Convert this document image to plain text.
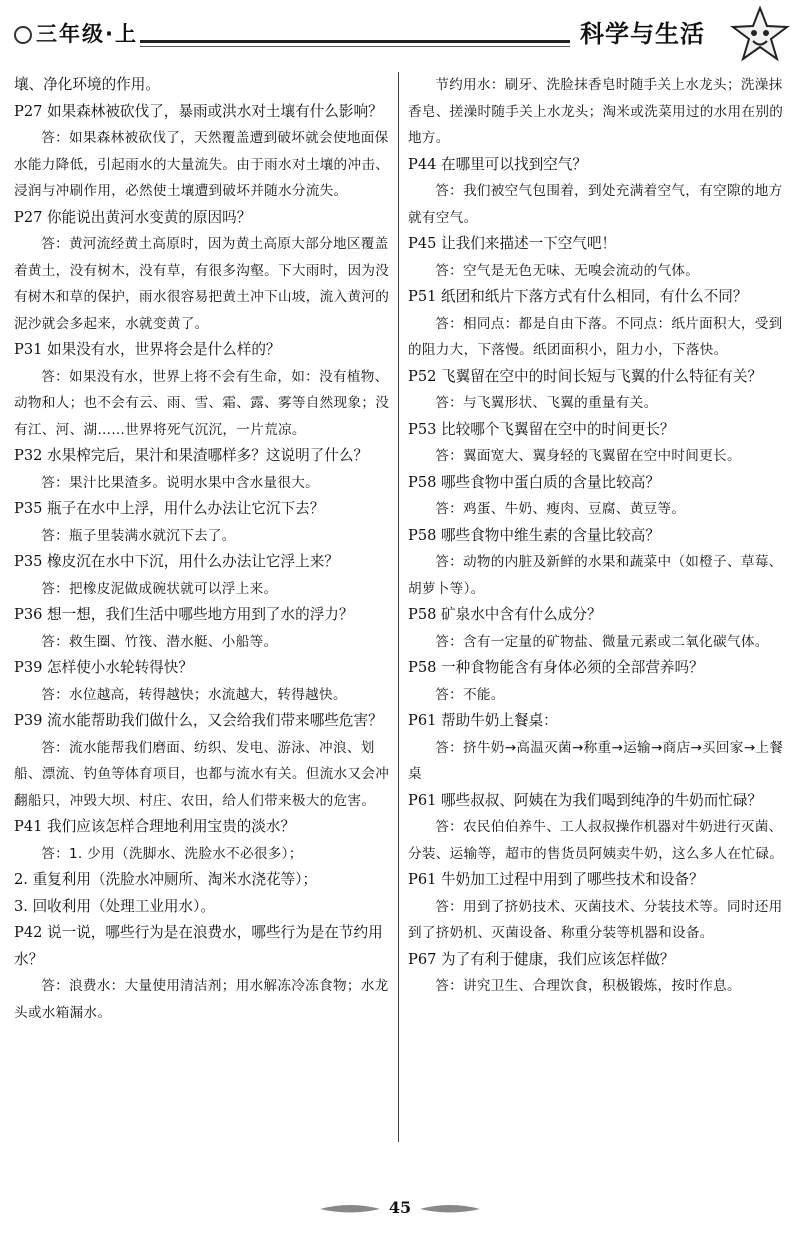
三年级·上	科学与生活
壤、净化环境的作用。
P27 如果森林被砍伐了，暴雨或洪水对土壤有什么影响？
答：如果森林被砍伐了，天然覆盖遭到破坏就会使地面保水能力降低，引起雨水的大量流失。由于雨水对土壤的冲击、浸润与冲刷作用，必然使土壤遭到破坏并随水分流失。
P27 你能说出黄河水变黄的原因吗？
答：黄河流经黄土高原时，因为黄土高原大部分地区覆盖着黄土，没有树木，没有草，有很多沟壑。下大雨时，因为没有树木和草的保护，雨水很容易把黄土冲下山坡，流入黄河的泥沙就会多起来，水就变黄了。
P31 如果没有水，世界将会是什么样的？
答：如果没有水，世界上将不会有生命，如：没有植物、动物和人；也不会有云、雨、雪、霜、露、雾等自然现象；没有江、河、湖……世界将死气沉沉，一片荒凉。
P32 水果榨完后，果汁和果渣哪样多？这说明了什么？
答：果汁比果渣多。说明水果中含水量很大。
P35 瓶子在水中上浮，用什么办法让它沉下去？
答：瓶子里装满水就沉下去了。
P35 橡皮沉在水中下沉，用什么办法让它浮上来？
答：把橡皮泥做成碗状就可以浮上来。
P36 想一想，我们生活中哪些地方用到了水的浮力？
答：救生圈、竹筏、潜水艇、小船等。
P39 怎样使小水轮转得快？
答：水位越高，转得越快；水流越大，转得越快。
P39 流水能帮助我们做什么，又会给我们带来哪些危害？
答：流水能帮我们磨面、纺织、发电、游泳、冲浪、划船、漂流、钓鱼等体育项目，也都与流水有关。但流水又会冲翻船只，冲毁大坝、村庄、农田，给人们带来极大的危害。
P41 我们应该怎样合理地利用宝贵的淡水？
答：1. 少用（洗脚水、洗脸水不必很多）；
2. 重复利用（洗脸水冲厕所、淘米水浇花等）；
3. 回收利用（处理工业用水）。
P42 说一说，哪些行为是在浪费水，哪些行为是在节约用水？
答：浪费水：大量使用清洁剂；用水解冻冷冻食物；水龙头或水箱漏水。
节约用水：刷牙、洗脸抹香皂时随手关上水龙头；洗澡抹香皂、搓澡时随手关上水龙头；淘米或洗菜用过的水用在别的地方。
P44 在哪里可以找到空气？
答：我们被空气包围着，到处充满着空气，有空隙的地方就有空气。
P45 让我们来描述一下空气吧！
答：空气是无色无味、无嗅会流动的气体。
P51 纸团和纸片下落方式有什么相同，有什么不同？
答：相同点：都是自由下落。不同点：纸片面积大，受到的阻力大，下落慢。纸团面积小，阻力小，下落快。
P52 飞翼留在空中的时间长短与飞翼的什么特征有关？
答：与飞翼形状、飞翼的重量有关。
P53 比较哪个飞翼留在空中的时间更长？
答：翼面宽大、翼身轻的飞翼留在空中时间更长。
P58 哪些食物中蛋白质的含量比较高？
答：鸡蛋、牛奶、瘦肉、豆腐、黄豆等。
P58 哪些食物中维生素的含量比较高？
答：动物的内脏及新鲜的水果和蔬菜中（如橙子、草莓、胡萝卜等）。
P58 矿泉水中含有什么成分？
答：含有一定量的矿物盐、微量元素或二氧化碳气体。
P58 一种食物能含有身体必须的全部营养吗？
答：不能。
P61 帮助牛奶上餐桌：
答：挤牛奶→高温灭菌→称重→运输→商店→买回家→上餐桌
P61 哪些叔叔、阿姨在为我们喝到纯净的牛奶而忙碌？
答：农民伯伯养牛、工人叔叔操作机器对牛奶进行灭菌、分装、运输等，超市的售货员阿姨卖牛奶，这么多人在忙碌。
P61 牛奶加工过程中用到了哪些技术和设备？
答：用到了挤奶技术、灭菌技术、分装技术等。同时还用到了挤奶机、灭菌设备、称重分装等机器和设备。
P67 为了有利于健康，我们应该怎样做？
答：讲究卫生、合理饮食，积极锻炼，按时作息。
45
